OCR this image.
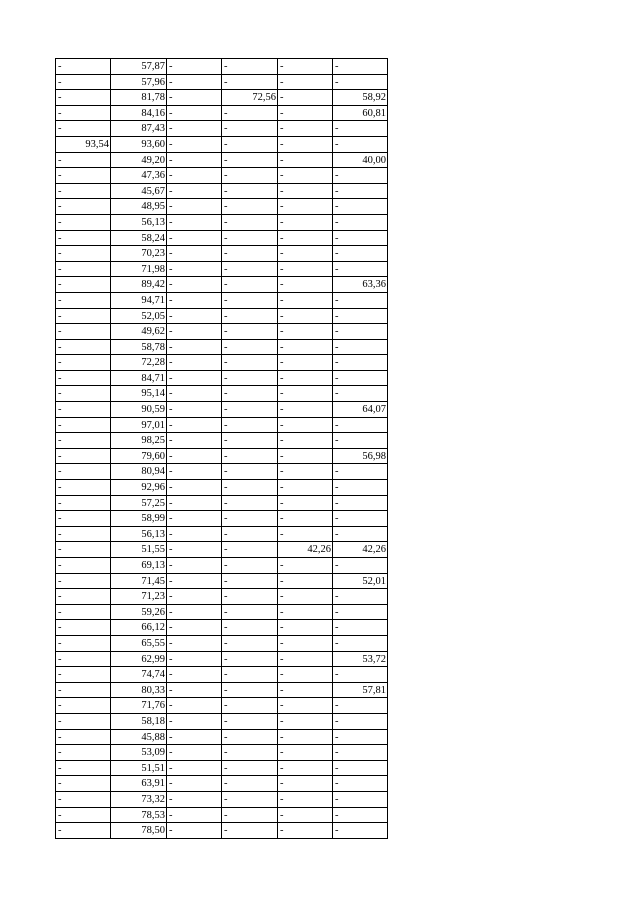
-	57,87 -	-	-	-
-	57,96 -	-	-	-
-	81,78 -	72,56 -	58,92
-	84,16 -	-	-	60,81
-	87,43 -	-	-	-
93,54	93,60 -	-	-	-
-	49,20 -	-	-	40,00
-	47,36 -	-	-	-
-	45,67 -	-	-	-
-	48,95 -	-	-	-
-	56,13 -	-	-	-
-	58,24 -	-	-	-
-	70,23 -	-	-	-
-	71,98 -	-	-	-
-	89,42 -	-	-	63,36
-	94,71 -	-	-	-
-	52,05 -	-	-	-
-	49,62 -	-	-	-
-	58,78 -	-	-	-
-	72,28 -	-	-	-
-	84,71 -	-	-	-
-	95,14 -	-	-	-
-	90,59 -	-	-	64,07
-	97,01 -	-	-	-
-	98,25 -	-	-	-
-	79,60 -	-	-	56,98
-	80,94 -	-	-	-
-	92,96 -	-	-	-
-	57,25 -	-	-	-
-	58,99 -	-	-	-
-	56,13 -	-	-	-
-	51,55 -	-	42,26	42,26
-	69,13 -	-	-	-
-	71,45 -	-	-	52,01
-	71,23 -	-	-	-
-	59,26 -	-	-	-
-	66,12 -	-	-	-
-	65,55 -	-	-	-
-	62,99 -	-	-	53,72
-	74,74 -	-	-	-
-	80,33 -	-	-	57,81
-	71,76 -	-	-	-
-	58,18 -	-	-	-
-	45,88 -	-	-	-
-	53,09 -	-	-	-
-	51,51 -	-	-	-
-	63,91 -	-	-	-
-	73,32 -	-	-	-
-	78,53 -	-	-	-
-	78,50 -	-	-	-
